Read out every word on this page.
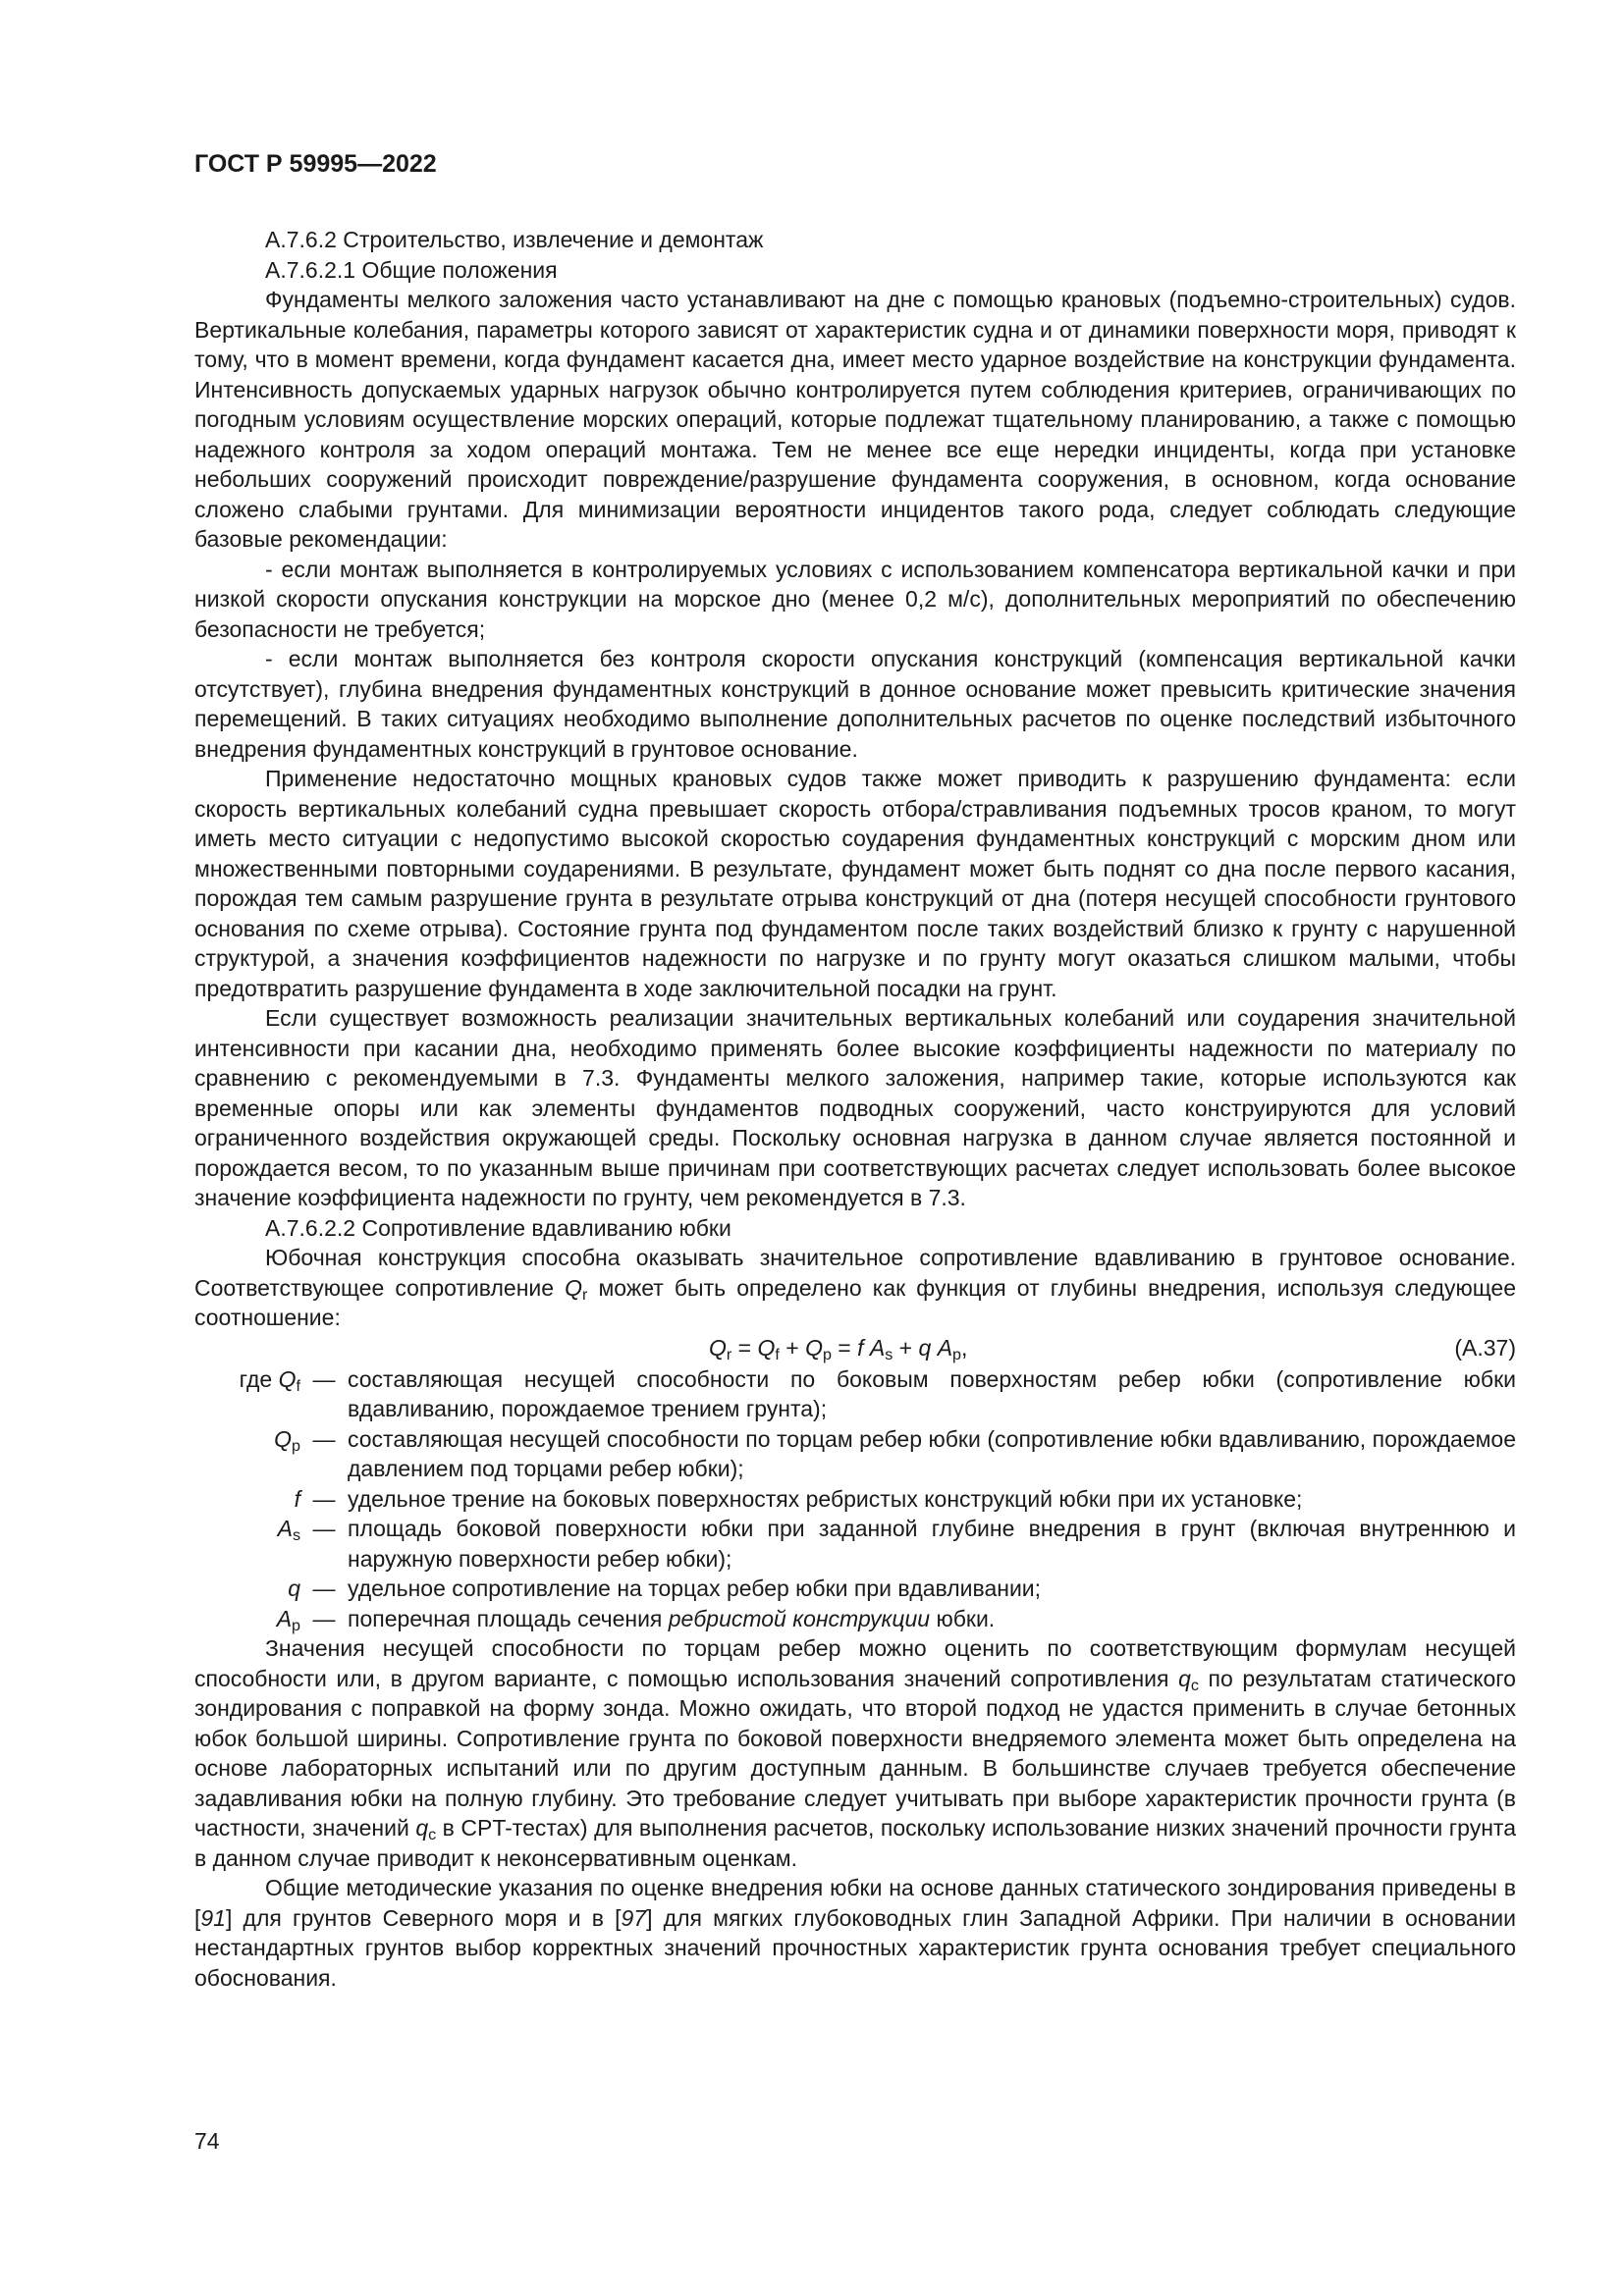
ГОСТ Р 59995—2022

А.7.6.2 Строительство, извлечение и демонтаж

А.7.6.2.1 Общие положения

Фундаменты мелкого заложения часто устанавливают на дне с помощью крановых (подъемно-строительных) судов. Вертикальные колебания, параметры которого зависят от характеристик судна и от динамики поверхности моря, приводят к тому, что в момент времени, когда фундамент касается дна, имеет место ударное воздействие на конструкции фундамента. Интенсивность допускаемых ударных нагрузок обычно контролируется путем соблюдения критериев, ограничивающих по погодным условиям осуществление морских операций, которые подлежат тщательному планированию, а также с помощью надежного контроля за ходом операций монтажа. Тем не менее все еще нередки инциденты, когда при установке небольших сооружений происходит повреждение/разрушение фундамента сооружения, в основном, когда основание сложено слабыми грунтами. Для минимизации вероятности инцидентов такого рода, следует соблюдать следующие базовые рекомендации:

- если монтаж выполняется в контролируемых условиях с использованием компенсатора вертикальной качки и при низкой скорости опускания конструкции на морское дно (менее 0,2 м/с), дополнительных мероприятий по обеспечению безопасности не требуется;

- если монтаж выполняется без контроля скорости опускания конструкций (компенсация вертикальной качки отсутствует), глубина внедрения фундаментных конструкций в донное основание может превысить критические значения перемещений. В таких ситуациях необходимо выполнение дополнительных расчетов по оценке последствий избыточного внедрения фундаментных конструкций в грунтовое основание.

Применение недостаточно мощных крановых судов также может приводить к разрушению фундамента: если скорость вертикальных колебаний судна превышает скорость отбора/стравливания подъемных тросов краном, то могут иметь место ситуации с недопустимо высокой скоростью соударения фундаментных конструкций с морским дном или множественными повторными соударениями. В результате, фундамент может быть поднят со дна после первого касания, порождая тем самым разрушение грунта в результате отрыва конструкций от дна (потеря несущей способности грунтового основания по схеме отрыва). Состояние грунта под фундаментом после таких воздействий близко к грунту с нарушенной структурой, а значения коэффициентов надежности по нагрузке и по грунту могут оказаться слишком малыми, чтобы предотвратить разрушение фундамента в ходе заключительной посадки на грунт.

Если существует возможность реализации значительных вертикальных колебаний или соударения значительной интенсивности при касании дна, необходимо применять более высокие коэффициенты надежности по материалу по сравнению с рекомендуемыми в 7.3. Фундаменты мелкого заложения, например такие, которые используются как временные опоры или как элементы фундаментов подводных сооружений, часто конструируются для условий ограниченного воздействия окружающей среды. Поскольку основная нагрузка в данном случае является постоянной и порождается весом, то по указанным выше причинам при соответствующих расчетах следует использовать более высокое значение коэффициента надежности по грунту, чем рекомендуется в 7.3.

А.7.6.2.2 Сопротивление вдавливанию юбки

Юбочная конструкция способна оказывать значительное сопротивление вдавливанию в грунтовое основание. Соответствующее сопротивление $Q_r$ может быть определено как функция от глубины внедрения, используя следующее соотношение:

$Q_r = Q_f + Q_p = f$ $A_s + q$ $A_p$,	(А.37)
где $Q_f$ — составляющая несущей способности по боковым поверхностям ребер юбки (сопротивление юбки вдавливанию, порождаемое трением грунта);
$Q_p$ — составляющая несущей способности по торцам ребер юбки (сопротивление юбки вдавливанию, порождаемое давлением под торцами ребер юбки);
f — удельное трение на боковых поверхностях ребристых конструкций юбки при их установке;
$A_s$ — площадь боковой поверхности юбки при заданной глубине внедрения в грунт (включая внутреннюю и наружную поверхности ребер юбки);
q — удельное сопротивление на торцах ребер юбки при вдавливании;
$A_p$ — поперечная площадь сечения ребристой конструкции юбки.

Значения несущей способности по торцам ребер можно оценить по соответствующим формулам несущей способности или, в другом варианте, с помощью использования значений сопротивления $q_c$ по результатам статического зондирования с поправкой на форму зонда. Можно ожидать, что второй подход не удастся применить в случае бетонных юбок большой ширины. Сопротивление грунта по боковой поверхности внедряемого элемента может быть определена на основе лабораторных испытаний или по другим доступным данным. В большинстве случаев требуется обеспечение задавливания юбки на полную глубину. Это требование следует учитывать при выборе характеристик прочности грунта (в частности, значений $q_c$ в CPT-тестах) для выполнения расчетов, поскольку использование низких значений прочности грунта в данном случае приводит к неконсервативным оценкам.

Общие методические указания по оценке внедрения юбки на основе данных статического зондирования приведены в [91] для грунтов Северного моря и в [97] для мягких глубоководных глин Западной Африки. При наличии в основании нестандартных грунтов выбор корректных значений прочностных характеристик грунта основания требует специального обоснования.

74
